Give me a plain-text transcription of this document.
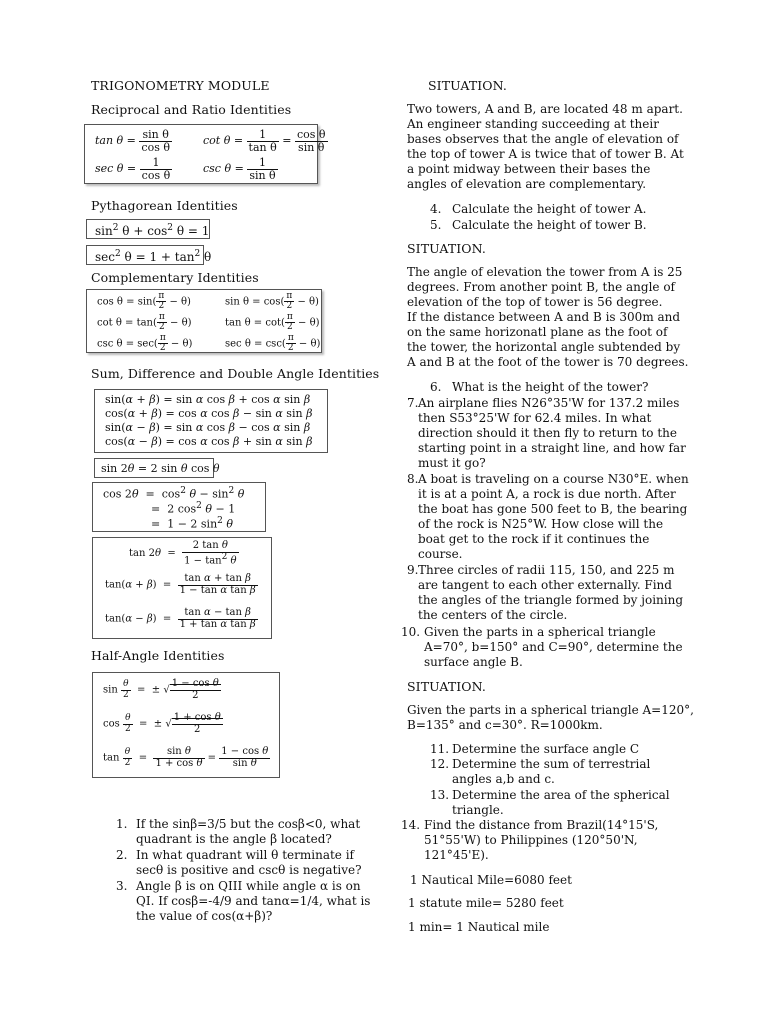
TRIGONOMETRY MODULE
Reciprocal and Ratio Identities
$\tan \theta = \frac{\text{sin θ}}{\text{cos θ}}$	$\cot \theta = \frac{1}{\text{tan θ}} = \frac{\text{cos θ}}{\text{sin θ}}$
$\sec \theta = \frac{1}{\text{cos θ}}$	$\csc \theta = \frac{1}{\text{sin θ}}$
Pythagorean Identities
$\sin^2 \theta + \cos^2 \theta = 1$
$\sec^2 \theta = 1 + \tan^2 \theta$
Complementary Identities
$\cos \theta = \sin( \frac{\pi}{2} - \theta)$	$\sin \theta = \cos( \frac{\pi}{2} - \theta)$
$\cot \theta = \tan( \frac{\pi}{2} - \theta)$	$\tan \theta = \cot( \frac{\pi}{2} - \theta)$
$\csc \theta = \sec( \frac{\pi}{2} - \theta)$	$\sec \theta = \csc( \frac{\pi}{2} - \theta)$
Sum, Difference and Double Angle Identities
sin(α + β) = sin α cos β + cos α sin β
cos(α + β) = cos α cos β − sin α sin β
sin(α − β) = sin α cos β − cos α sin β
cos(α − β) = cos α cos β + sin α sin β
sin 2θ = 2 sin θ cos θ
$\cos 2\theta = \cos^2 \theta - \sin^2 \theta$
=  2 $\cos^2 \theta - 1$
=  1 − 2 $\sin^2 \theta$
$\tan 2\theta = \frac{\text{2 tan θ}}{1 - \tan^2 \theta}$
$\tan(\alpha + \beta) = \frac{\text{tan α + tan β}}{\text{1 − tan α tan β}}$
$\tan(\alpha - \beta) = \frac{\text{tan α − tan β}}{\text{1 + tan α tan β}}$
Half-Angle Identities
$\sin \frac{\theta}{2}$ =  ± √ $\frac{\text{1 − cos θ}}{2}$
$\cos \frac{\theta}{2}$ =  ± √ $\frac{\text{1 + cos θ}}{2}$
$\tan \frac{\theta}{2} = \frac{\text{sin θ}}{\text{1 + cos θ}} = \frac{\text{1 − cos θ}}{\text{sin θ}}$
1. If the sinβ=3/5 but the cosβ<0, what
quadrant is the angle β located?
2. In what quadrant will θ terminate if
secθ is positive and cscθ is negative?
3. Angle β is on QIII while angle α is on
QI. If cosβ=-4/9 and tanα=1/4, what is
the value of cos(α+β)?
SITUATION.
Two towers, A and B, are located 48 m apart.
An engineer standing succeeding at their
bases observes that the angle of elevation of
the top of tower A is twice that of tower B. At
a point midway between their bases the
angles of elevation are complementary.
4. Calculate the height of tower A.
5. Calculate the height of tower B.
SITUATION.
The angle of elevation the tower from A is 25
degrees. From another point B, the angle of
elevation of the top of tower is 56 degree.
If the distance between A and B is 300m and
on the same horizonatl plane as the foot of
the tower, the horizontal angle subtended by
A and B at the foot of the tower is 70 degrees.
6. What is the height of the tower?
7. An airplane flies N26°35'W for 137.2 miles
then S53°25'W for 62.4 miles. In what
direction should it then fly to return to the
starting point in a straight line, and how far
must it go?
8. A boat is traveling on a course N30°E. when
it is at a point A, a rock is due north. After
the boat has gone 500 feet to B, the bearing
of the rock is N25°W. How close will the
boat get to the rock if it continues the
course.
9. Three circles of radii 115, 150, and 225 m
are tangent to each other externally. Find
the angles of the triangle formed by joining
the centers of the circle.
10. Given the parts in a spherical triangle
A=70°, b=150° and C=90°, determine the
surface angle B.
SITUATION.
Given the parts in a spherical triangle A=120°,
B=135° and c=30°. R=1000km.
11. Determine the surface angle C
12. Determine the sum of terrestrial
angles a,b and c.
13. Determine the area of the spherical
triangle.
14. Find the distance from Brazil(14°15'S,
51°55'W) to Philippines (120°50'N,
121°45'E).
1 Nautical Mile=6080 feet
1 statute mile= 5280 feet
1 min= 1 Nautical mile
